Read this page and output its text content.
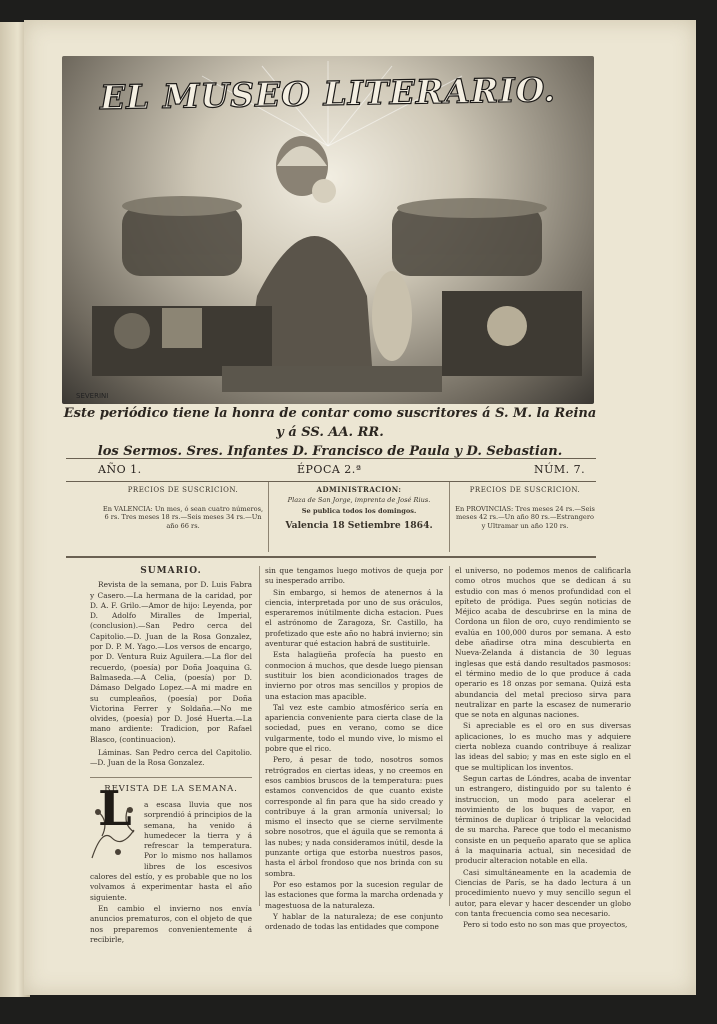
EL MUSEO LITERARIO.
SEVERINI
Este periódico tiene la honra de contar como suscritores á S. M. la Reina y á SS. AA. RR.
los Sermos. Sres. Infantes D. Francisco de Paula y D. Sebastian.
AÑO 1.	ÉPOCA 2.ª	NÚM. 7.
PRECIOS DE SUSCRICION.
En VALENCIA: Un mes, ó sean cuatro números, 6 rs. Tres meses 18 rs.—Seis meses 34 rs.—Un año 66 rs.
ADMINISTRACION:
Plaza de San Jorge, imprenta de José Rius.
Se publica todos los domingos.
Valencia 18 Setiembre 1864.
PRECIOS DE SUSCRICION.
En PROVINCIAS: Tres meses 24 rs.—Seis meses 42 rs.—Un año 80 rs.—Estrangero y Ultramar un año 120 rs.
SUMARIO.

Revista de la semana, por D. Luis Fabra y Casero.—La hermana de la caridad, por D. A. F. Grilo.—Amor de hijo: Leyenda, por D. Adolfo Miralles de Imperial, (conclusion).—San Pedro cerca del Capitolio.—D. Juan de la Rosa Gonzalez, por D. P. M. Yago.—Los versos de encargo, por D. Ventura Ruiz Aguilera.—La flor del recuerdo, (poesía) por Doña Joaquina G. Balmaseda.—A Celia, (poesía) por D. Dámaso Delgado Lopez.—A mi madre en su cumpleaños, (poesía) por Doña Victorina Ferrer y Soldaña.—No me olvides, (poesía) por D. José Huerta.—La mano ardiente: Tradicion, por Rafael Blasco, (continuacion).

Láminas. San Pedro cerca del Capitolio.—D. Juan de la Rosa Gonzalez.

REVISTA DE LA SEMANA.
L	a escasa lluvia que nos sorprendió á principios de la semana, ha venido á humedecer la tierra y á refrescar la temperatura. Por lo mismo nos hallamos libres de los escesivos calores del estío, y es probable que no los volvamos á experimentar hasta el año siguiente.

En cambio el invierno nos envía anuncios prematuros, con el objeto de que nos preparemos convenientemente á recibirle,

sin que tengamos luego motivos de queja por su inesperado arribo.

Sin embargo, si hemos de atenernos á la ciencia, interpretada por uno de sus oráculos, esperaremos inútilmente dicha estacion. Pues el astrónomo de Zaragoza, Sr. Castillo, ha profetizado que este año no habrá invierno; sin aventurar qué estacion habrá de sustituirle.

Esta halagüeña profecía ha puesto en conmocion á muchos, que desde luego piensan sustituir los bien acondicionados trages de invierno por otros mas sencillos y propios de una estacion mas apacible.

Tal vez este cambio atmosférico sería en apariencia conveniente para cierta clase de la sociedad, pues en verano, como se dice vulgarmente, todo el mundo vive, lo mismo el pobre que el rico.

Pero, á pesar de todo, nosotros somos retrógrados en ciertas ideas, y no creemos en esos cambios bruscos de la temperatura: pues estamos convencidos de que cuanto existe corresponde al fin para que ha sido creado y contribuye á la gran armonía universal; lo mismo el insecto que se cierne servilmente sobre nosotros, que el águila que se remonta á las nubes; y nada consideramos inútil, desde la punzante ortiga que estorba nuestros pasos, hasta el árbol frondoso que nos brinda con su sombra.

Por eso estamos por la sucesion regular de las estaciones que forma la marcha ordenada y magestuosa de la naturaleza.

Y hablar de la naturaleza; de ese conjunto ordenado de todas las entidades que compone

el universo, no podemos menos de calificarla como otros muchos que se dedican á su estudio con mas ó menos profundidad con el epíteto de pródiga. Pues según noticias de Méjico acaba de descubrirse en la mina de Cordona un filon de oro, cuyo rendimiento se evalúa en 100,000 duros por semana. A esto debe añadirse otra mina descubierta en Nueva-Zelanda á distancia de 30 leguas inglesas que está dando resultados pasmosos: el término medio de lo que produce á cada operario es 18 onzas por semana. Quizá esta abundancia del metal precioso sirva para neutralizar en parte la escasez de numerario que se nota en algunas naciones.

Si apreciable es el oro en sus diversas aplicaciones, lo es mucho mas y adquiere cierta nobleza cuando contribuye á realizar las ideas del sabio; y mas en este siglo en el que se multiplican los inventos.

Segun cartas de Lóndres, acaba de inventar un estrangero, distinguido por su talento é instruccion, un modo para acelerar el movimiento de los buques de vapor, en términos de duplicar ó triplicar la velocidad de su marcha. Parece que todo el mecanismo consiste en un pequeño aparato que se aplica á la maquinaria actual, sin necesidad de producir alteracion notable en ella.

Casi simultáneamente en la academia de Ciencias de París, se ha dado lectura á un procedimiento nuevo y muy sencillo segun el autor, para elevar y hacer descender un globo con tanta frecuencia como sea necesario.

Pero si todo esto no son mas que proyectos,
